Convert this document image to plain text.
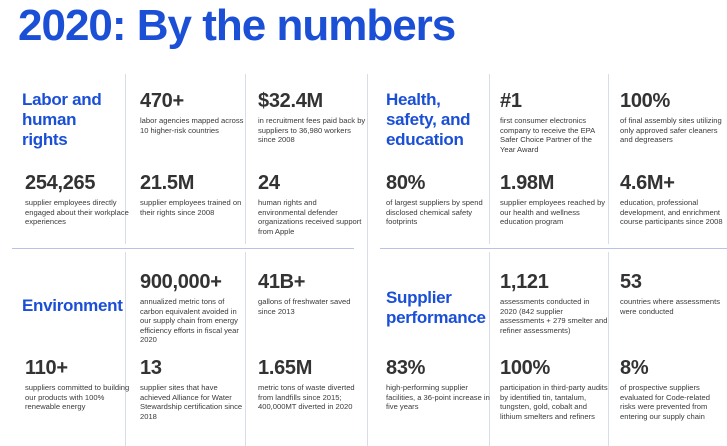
2020: By the numbers
Labor and human rights
470+
labor agencies mapped across 10 higher-risk countries
$32.4M
in recruitment fees paid back by suppliers to 36,980 workers since 2008
254,265
supplier employees directly engaged about their workplace experiences
21.5M
supplier employees trained on their rights since 2008
24
human rights and environmental defender organizations received support from Apple
Health, safety, and education
#1
first consumer electronics company to receive the EPA Safer Choice Partner of the Year Award
100%
of final assembly sites utilizing only approved safer cleaners and degreasers
80%
of largest suppliers by spend disclosed chemical safety footprints
1.98M
supplier employees reached by our health and wellness education program
4.6M+
education, professional development, and enrichment course participants since 2008
Environment
900,000+
annualized metric tons of carbon equivalent avoided in our supply chain from energy efficiency efforts in fiscal year 2020
41B+
gallons of freshwater saved since 2013
110+
suppliers committed to building our products with 100% renewable energy
13
supplier sites that have achieved Alliance for Water Stewardship certification since 2018
1.65M
metric tons of waste diverted from landfills since 2015; 400,000MT diverted in 2020
Supplier performance
1,121
assessments conducted in 2020 (842 supplier assessments + 279 smelter and refiner assessments)
53
countries where assessments were conducted
83%
high-performing supplier facilities, a 36-point increase in five years
100%
participation in third-party audits by identified tin, tantalum, tungsten, gold, cobalt and lithium smelters and refiners
8%
of prospective suppliers evaluated for Code-related risks were prevented from entering our supply chain
